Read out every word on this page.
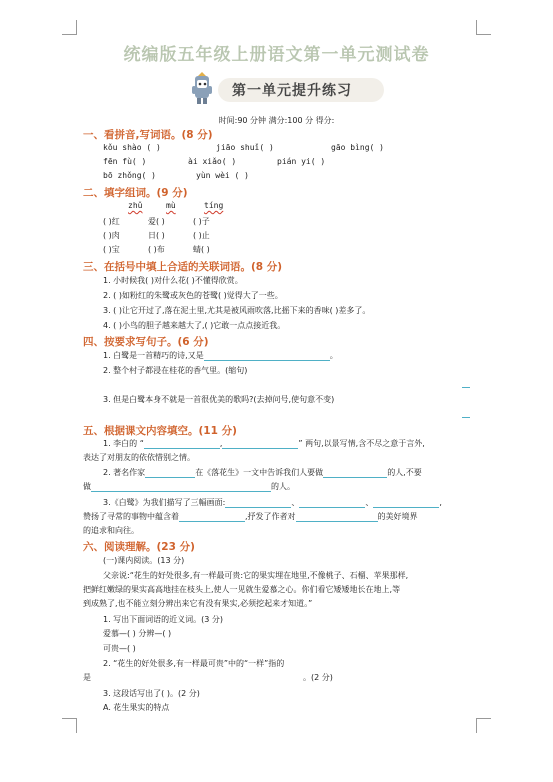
统编版五年级上册语文第一单元测试卷
第一单元提升练习
时间:90 分钟 满分:100 分 得分:
一、看拼音,写词语。(8 分)
kǒu shào ( )	jiāo shuǐ( )	gāo bìng( )
fēn fù( )	ài xiǎo( )	pián yi( )
bō zhǒng( )	yùn wèi ( )
二、填字组词。(9 分)
zhǔ	mù	tíng
( )红	爱( )	( )子
( )肉	日( )	( )止
( )宝	( )布	蜻( )
三、在括号中填上合适的关联词语。(8 分)
1. 小时候我( )对什么花( )不懂得欣赏。
2. ( )如粉红的朱鹭或灰色的苍鹭( )觉得大了一些。
3. ( )让它开过了,落在泥土里,尤其是被风雨吹落,比摇下来的香味( )差多了。
4. ( )小鸟的胆子越来越大了,( )它敢一点点接近我。
四、按要求写句子。(6 分)
1. 白鹭是一首精巧的诗,又是	。
2. 整个村子都浸在桂花的香气里。(缩句)
3. 但是白鹭本身不就是一首很优美的歌吗?(去掉问号,使句意不变)
五、根据课文内容填空。(11 分)
1. 李白的 “	,	” 两句,以景写情,含不尽之意于言外,
表达了对朋友的依依惜别之情。
2. 著名作家	在《落花生》一文中告诉我们人要做	的人,不要
做	的人。
3.《白鹭》为我们描写了三幅画面:	、	、	,
赞扬了寻常的事物中蕴含着	,抒发了作者对	的美好境界
的追求和向往。
六、阅读理解。(23 分)
(一)课内阅读。(13 分)
父亲说:“花生的好处很多,有一样最可贵:它的果实埋在地里,不像桃子、石榴、苹果那样,
把鲜红嫩绿的果实高高地挂在枝头上,使人一见就生爱慕之心。你们看它矮矮地长在地上,等
到成熟了,也不能立刻分辨出来它有没有果实,必须挖起来才知道。”
1. 写出下面词语的近义词。(3 分)
爱慕—( ) 分辨—( )
可贵—( )
2. “花生的好处很多,有一样最可贵”中的“一样”指的
是	。(2 分)
3. 这段话写出了( )。(2 分)
A. 花生果实的特点
